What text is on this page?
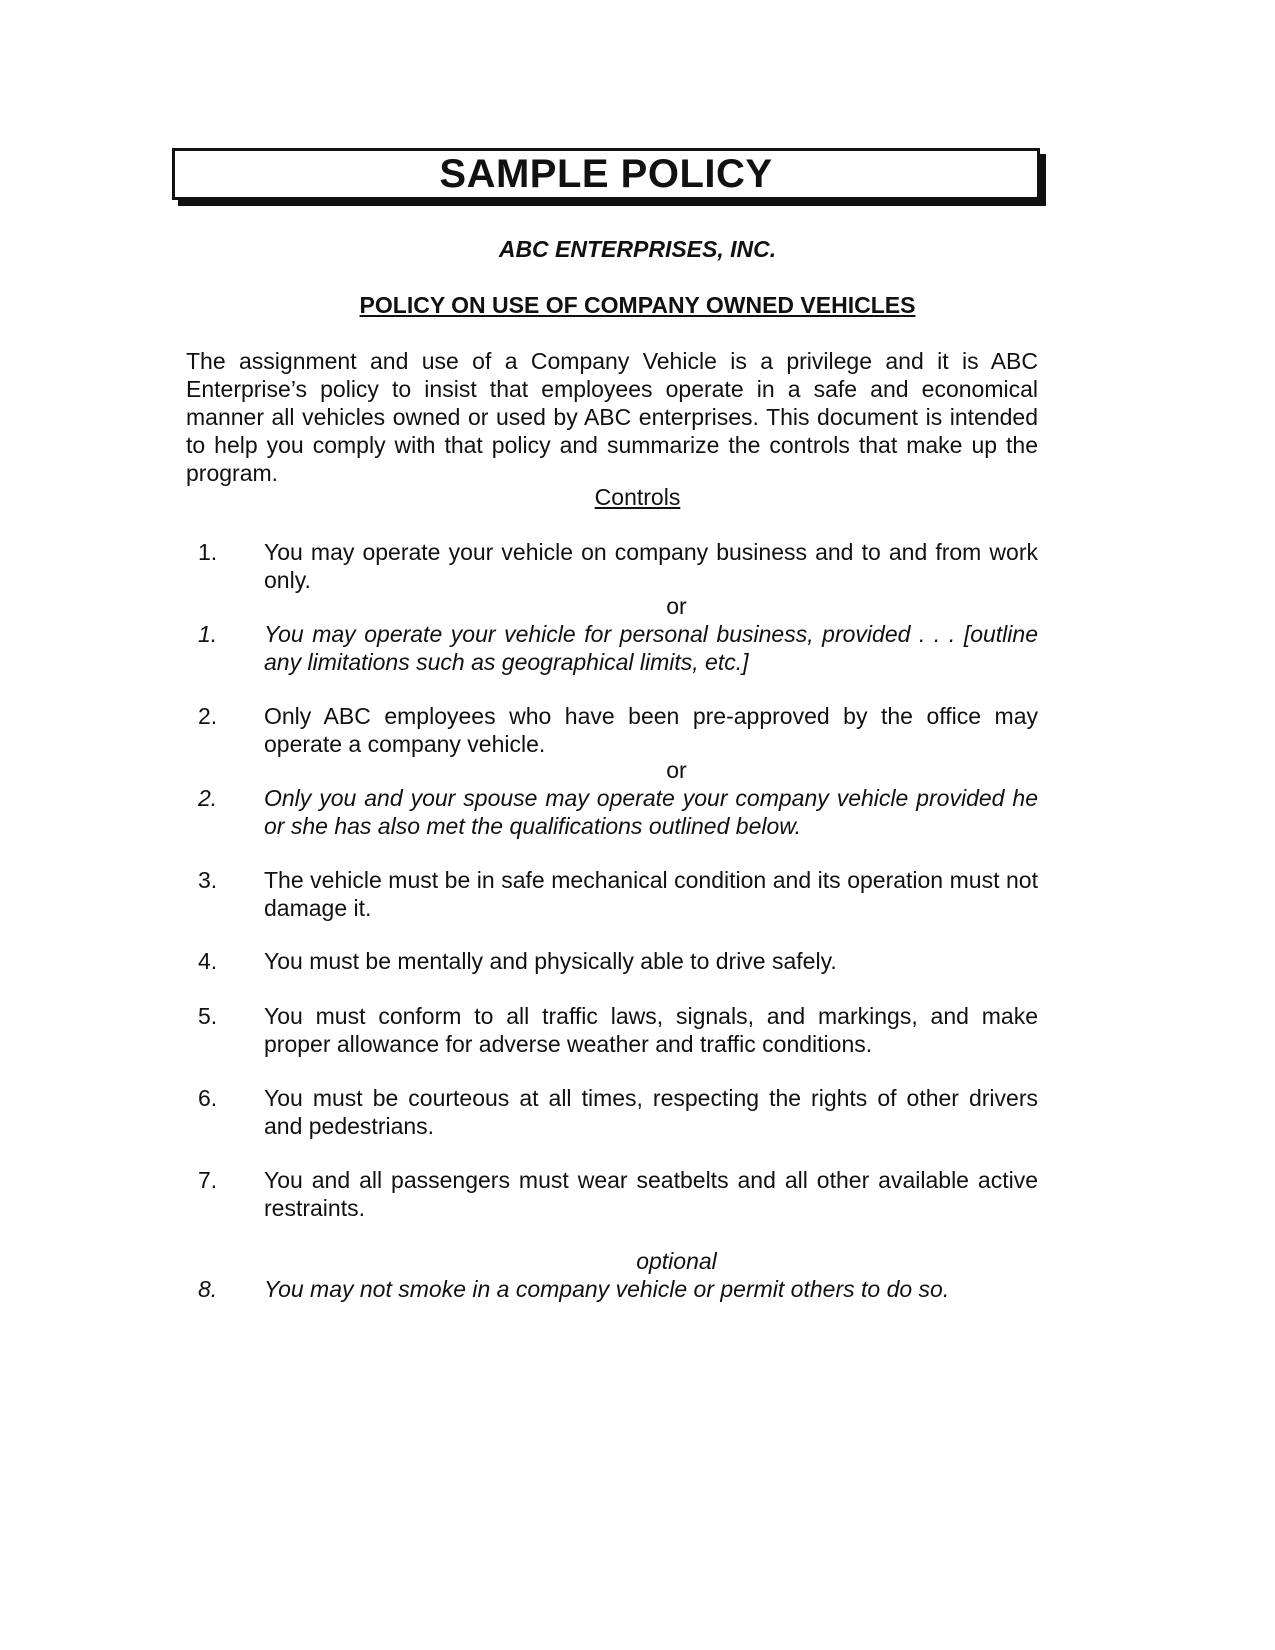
SAMPLE POLICY
ABC ENTERPRISES, INC.
POLICY ON USE OF COMPANY OWNED VEHICLES
The assignment and use of a Company Vehicle is a privilege and it is ABC Enterprise’s policy to insist that employees operate in a safe and economical manner all vehicles owned or used by ABC enterprises. This document is intended to help you comply with that policy and summarize the controls that make up the program.
Controls
1. You may operate your vehicle on company business and to and from work only.
or
1. You may operate your vehicle for personal business, provided . . . [outline any limitations such as geographical limits, etc.]
2. Only ABC employees who have been pre-approved by the office may operate a company vehicle.
or
2. Only you and your spouse may operate your company vehicle provided he or she has also met the qualifications outlined below.
3. The vehicle must be in safe mechanical condition and its operation must not damage it.
4. You must be mentally and physically able to drive safely.
5. You must conform to all traffic laws, signals, and markings, and make proper allowance for adverse weather and traffic conditions.
6. You must be courteous at all times, respecting the rights of other drivers and pedestrians.
7. You and all passengers must wear seatbelts and all other available active restraints.
optional
8. You may not smoke in a company vehicle or permit others to do so.
